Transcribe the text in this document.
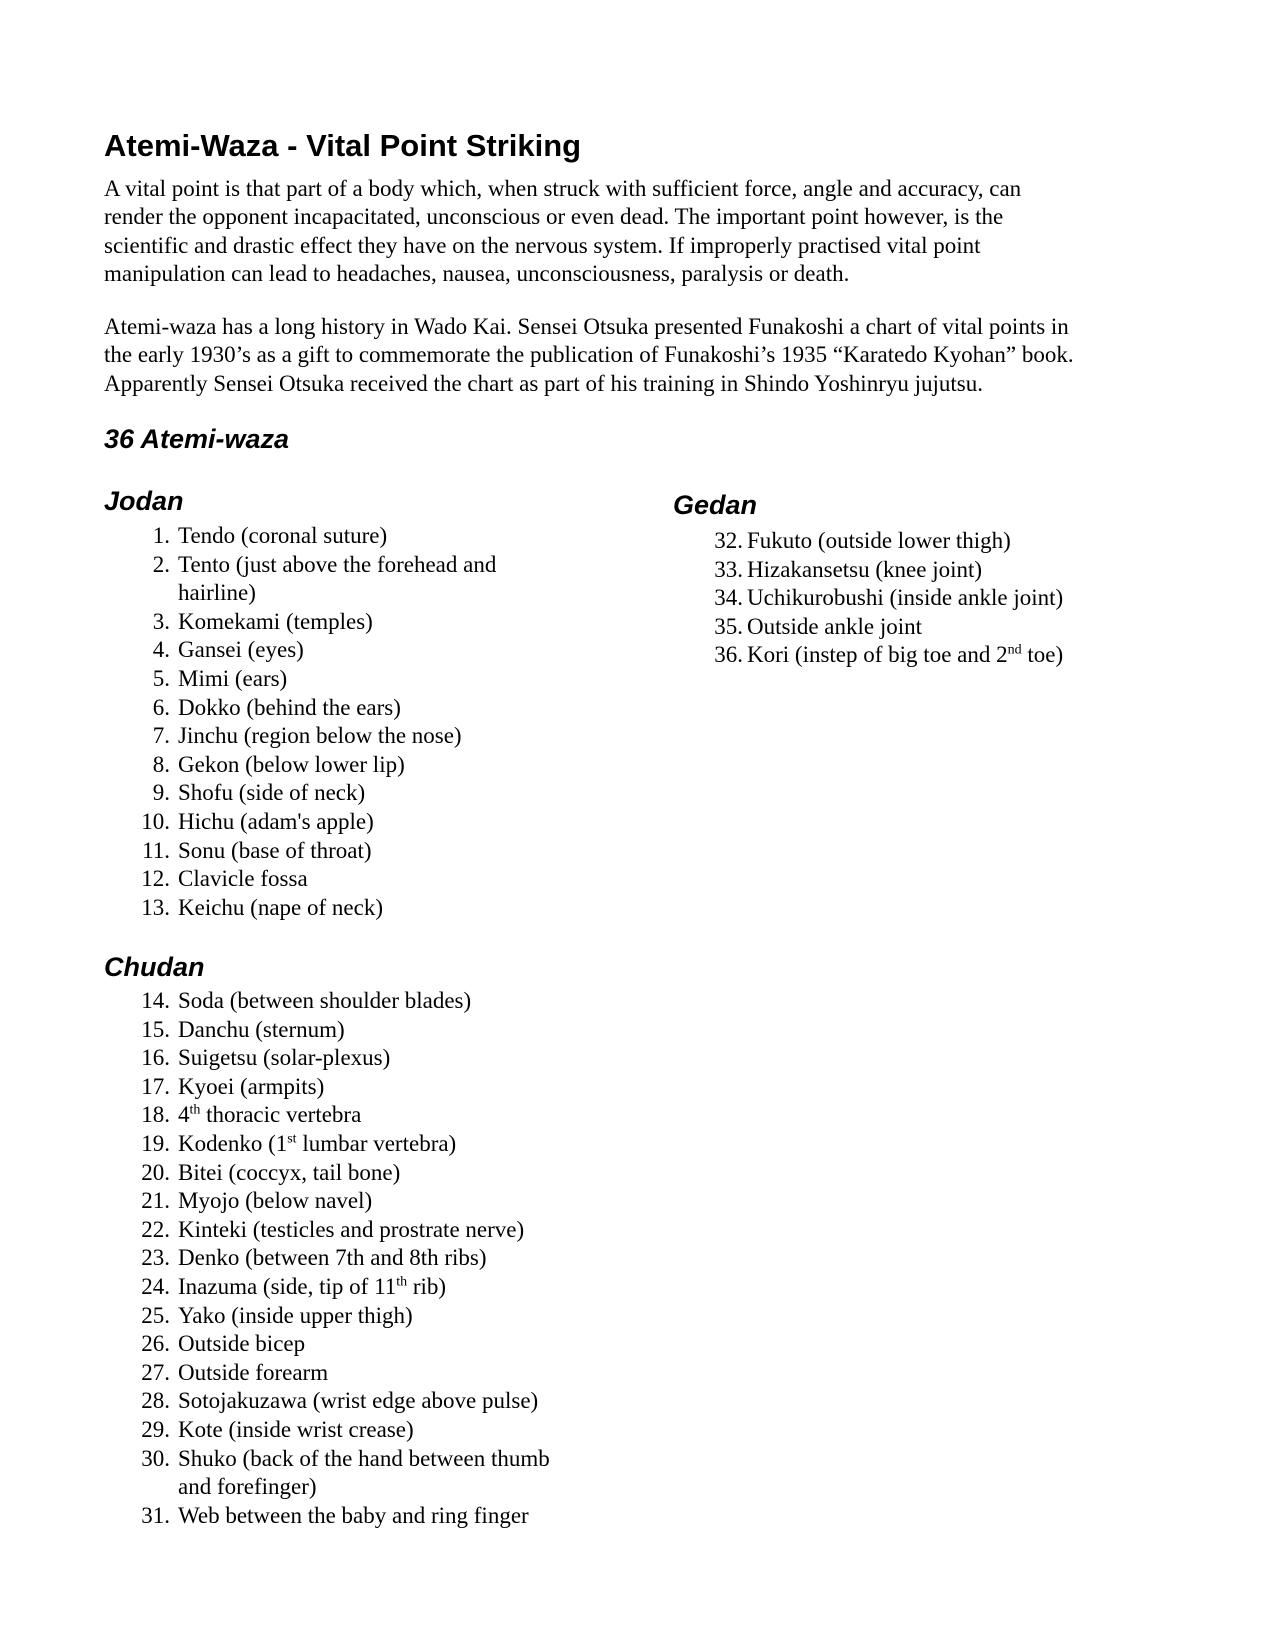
Atemi-Waza - Vital Point Striking

A vital point is that part of a body which, when struck with sufficient force, angle and accuracy, can
render the opponent incapacitated, unconscious or even dead. The important point however, is the
scientific and drastic effect they have on the nervous system. If improperly practised vital point
manipulation can lead to headaches, nausea, unconsciousness, paralysis or death.

Atemi-waza has a long history in Wado Kai. Sensei Otsuka presented Funakoshi a chart of vital points in
the early 1930’s as a gift to commemorate the publication of Funakoshi’s 1935 “Karatedo Kyohan” book.
Apparently Sensei Otsuka received the chart as part of his training in Shindo Yoshinryu jujutsu.

36 Atemi-waza
Jodan
1. Tendo (coronal suture)
2. Tento (just above the forehead and
hairline)
3. Komekami (temples)
4. Gansei (eyes)
5. Mimi (ears)
6. Dokko (behind the ears)
7. Jinchu (region below the nose)
8. Gekon (below lower lip)
9. Shofu (side of neck)
10. Hichu (adam's apple)
11. Sonu (base of throat)
12. Clavicle fossa
13. Keichu (nape of neck)
Chudan
14. Soda (between shoulder blades)
15. Danchu (sternum)
16. Suigetsu (solar-plexus)
17. Kyoei (armpits)
18. 4th thoracic vertebra
19. Kodenko (1st lumbar vertebra)
20. Bitei (coccyx, tail bone)
21. Myojo (below navel)
22. Kinteki (testicles and prostrate nerve)
23. Denko (between 7th and 8th ribs)
24. Inazuma (side, tip of 11th rib)
25. Yako (inside upper thigh)
26. Outside bicep
27. Outside forearm
28. Sotojakuzawa (wrist edge above pulse)
29. Kote (inside wrist crease)
30. Shuko (back of the hand between thumb
and forefinger)
31. Web between the baby and ring finger
Gedan
32. Fukuto (outside lower thigh)
33. Hizakansetsu (knee joint)
34. Uchikurobushi (inside ankle joint)
35. Outside ankle joint
36. Kori (instep of big toe and 2nd toe)
